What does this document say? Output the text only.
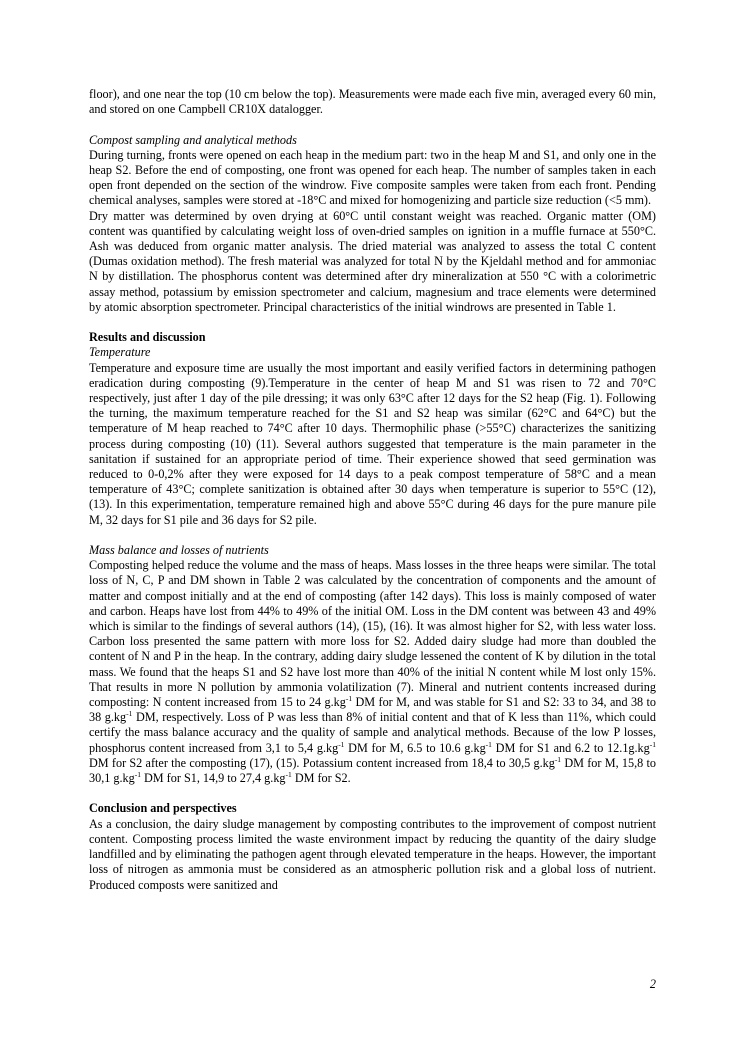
floor), and one near the top (10 cm below the top). Measurements were made each five min, averaged every 60 min, and stored on one Campbell CR10X datalogger.

Compost sampling and analytical methods

During turning, fronts were opened on each heap in the medium part: two in the heap M and S1, and only one in the heap S2. Before the end of composting, one front was opened for each heap. The number of samples taken in each open front depended on the section of the windrow. Five composite samples were taken from each front. Pending chemical analyses, samples were stored at -18°C and mixed for homogenizing and particle size reduction (<5 mm).

Dry matter was determined by oven drying at 60°C until constant weight was reached. Organic matter (OM) content was quantified by calculating weight loss of oven-dried samples on ignition in a muffle furnace at 550°C. Ash was deduced from organic matter analysis. The dried material was analyzed to assess the total C content (Dumas oxidation method). The fresh material was analyzed for total N by the Kjeldahl method and for ammoniac N by distillation. The phosphorus content was determined after dry mineralization at 550 °C with a colorimetric assay method, potassium by emission spectrometer and calcium, magnesium and trace elements were determined by atomic absorption spectrometer. Principal characteristics of the initial windrows are presented in Table 1.

Results and discussion

Temperature

Temperature and exposure time are usually the most important and easily verified factors in determining pathogen eradication during composting (9).Temperature in the center of heap M and S1 was risen to 72 and 70°C respectively, just after 1 day of the pile dressing; it was only 63°C after 12 days for the S2 heap (Fig. 1). Following the turning, the maximum temperature reached for the S1 and S2 heap was similar (62°C and 64°C) but the temperature of M heap reached to 74°C after 10 days. Thermophilic phase (>55°C) characterizes the sanitizing process during composting (10) (11). Several authors suggested that temperature is the main parameter in the sanitation if sustained for an appropriate period of time. Their experience showed that seed germination was reduced to 0-0,2% after they were exposed for 14 days to a peak compost temperature of 58°C and a mean temperature of 43°C; complete sanitization is obtained after 30 days when temperature is superior to 55°C (12), (13). In this experimentation, temperature remained high and above 55°C during 46 days for the pure manure pile M, 32 days for S1 pile and 36 days for S2 pile.

Mass balance and losses of nutrients

Composting helped reduce the volume and the mass of heaps. Mass losses in the three heaps were similar. The total loss of N, C, P and DM shown in Table 2 was calculated by the concentration of components and the amount of matter and compost initially and at the end of composting (after 142 days). This loss is mainly composed of water and carbon. Heaps have lost from 44% to 49% of the initial OM. Loss in the DM content was between 43 and 49% which is similar to the findings of several authors (14), (15), (16). It was almost higher for S2, with less water loss. Carbon loss presented the same pattern with more loss for S2. Added dairy sludge had more than doubled the content of N and P in the heap. In the contrary, adding dairy sludge lessened the content of K by dilution in the total mass. We found that the heaps S1 and S2 have lost more than 40% of the initial N content while M lost only 15%. That results in more N pollution by ammonia volatilization (7). Mineral and nutrient contents increased during composting: N content increased from 15 to 24 $g.kg^{-1}$ DM for M, and was stable for S1 and S2: 33 to 34, and 38 to 38 $g.kg^{-1}$ DM, respectively. Loss of P was less than 8% of initial content and that of K less than 11%, which could certify the mass balance accuracy and the quality of sample and analytical methods. Because of the low P losses, phosphorus content increased from 3,1 to 5,4 $g.kg^{-1}$ DM for M, 6.5 to 10.6 $g.kg^{-1}$ DM for S1 and 6.2 to $12.1g.kg^{-1}$ DM for S2 after the composting (17), (15). Potassium content increased from 18,4 to 30,5 $g.kg^{-1}$ DM for M, 15,8 to 30,1 $g.kg^{-1}$ DM for S1, 14,9 to 27,4 $g.kg^{-1}$ DM for S2.

Conclusion and perspectives

As a conclusion, the dairy sludge management by composting contributes to the improvement of compost nutrient content. Composting process limited the waste environment impact by reducing the quantity of the dairy sludge landfilled and by eliminating the pathogen agent through elevated temperature in the heaps. However, the important loss of nitrogen as ammonia must be considered as an atmospheric pollution risk and a global loss of nutrient. Produced composts were sanitized and

2
